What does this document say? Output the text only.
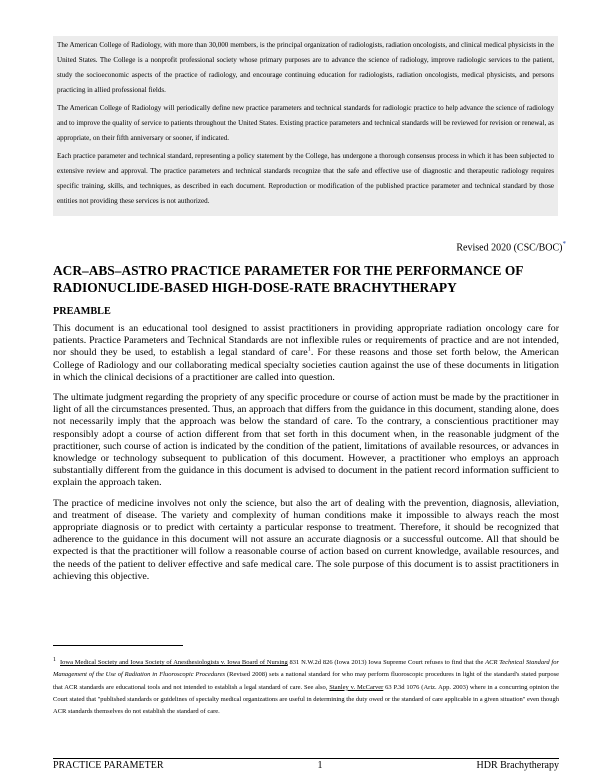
The American College of Radiology, with more than 30,000 members, is the principal organization of radiologists, radiation oncologists, and clinical medical physicists in the United States. The College is a nonprofit professional society whose primary purposes are to advance the science of radiology, improve radiologic services to the patient, study the socioeconomic aspects of the practice of radiology, and encourage continuing education for radiologists, radiation oncologists, medical physicists, and persons practicing in allied professional fields.

The American College of Radiology will periodically define new practice parameters and technical standards for radiologic practice to help advance the science of radiology and to improve the quality of service to patients throughout the United States. Existing practice parameters and technical standards will be reviewed for revision or renewal, as appropriate, on their fifth anniversary or sooner, if indicated.

Each practice parameter and technical standard, representing a policy statement by the College, has undergone a thorough consensus process in which it has been subjected to extensive review and approval. The practice parameters and technical standards recognize that the safe and effective use of diagnostic and therapeutic radiology requires specific training, skills, and techniques, as described in each document. Reproduction or modification of the published practice parameter and technical standard by those entities not providing these services is not authorized.

Revised 2020 (CSC/BOC)*
ACR–ABS–ASTRO PRACTICE PARAMETER FOR THE PERFORMANCE OF RADIONUCLIDE-BASED HIGH-DOSE-RATE BRACHYTHERAPY
PREAMBLE

This document is an educational tool designed to assist practitioners in providing appropriate radiation oncology care for patients. Practice Parameters and Technical Standards are not inflexible rules or requirements of practice and are not intended, nor should they be used, to establish a legal standard of care$^1$. For these reasons and those set forth below, the American College of Radiology and our collaborating medical specialty societies caution against the use of these documents in litigation in which the clinical decisions of a practitioner are called into question.

The ultimate judgment regarding the propriety of any specific procedure or course of action must be made by the practitioner in light of all the circumstances presented. Thus, an approach that differs from the guidance in this document, standing alone, does not necessarily imply that the approach was below the standard of care. To the contrary, a conscientious practitioner may responsibly adopt a course of action different from that set forth in this document when, in the reasonable judgment of the practitioner, such course of action is indicated by the condition of the patient, limitations of available resources, or advances in knowledge or technology subsequent to publication of this document. However, a practitioner who employs an approach substantially different from the guidance in this document is advised to document in the patient record information sufficient to explain the approach taken.

The practice of medicine involves not only the science, but also the art of dealing with the prevention, diagnosis, alleviation, and treatment of disease. The variety and complexity of human conditions make it impossible to always reach the most appropriate diagnosis or to predict with certainty a particular response to treatment. Therefore, it should be recognized that adherence to the guidance in this document will not assure an accurate diagnosis or a successful outcome. All that should be expected is that the practitioner will follow a reasonable course of action based on current knowledge, available resources, and the needs of the patient to deliver effective and safe medical care. The sole purpose of this document is to assist practitioners in achieving this objective.

1 Iowa Medical Society and Iowa Society of Anesthesiologists v. Iowa Board of Nursing 831 N.W.2d 826 (Iowa 2013) Iowa Supreme Court refuses to find that the ACR Technical Standard for Management of the Use of Radiation in Fluoroscopic Procedures (Revised 2008) sets a national standard for who may perform fluoroscopic procedures in light of the standard's stated purpose that ACR standards are educational tools and not intended to establish a legal standard of care. See also, Stanley v. McCarver 63 P.3d 1076 (Ariz. App. 2003) where in a concurring opinion the Court stated that "published standards or guidelines of specialty medical organizations are useful in determining the duty owed or the standard of care applicable in a given situation" even though ACR standards themselves do not establish the standard of care.
PRACTICE PARAMETER	1	HDR Brachytherapy
